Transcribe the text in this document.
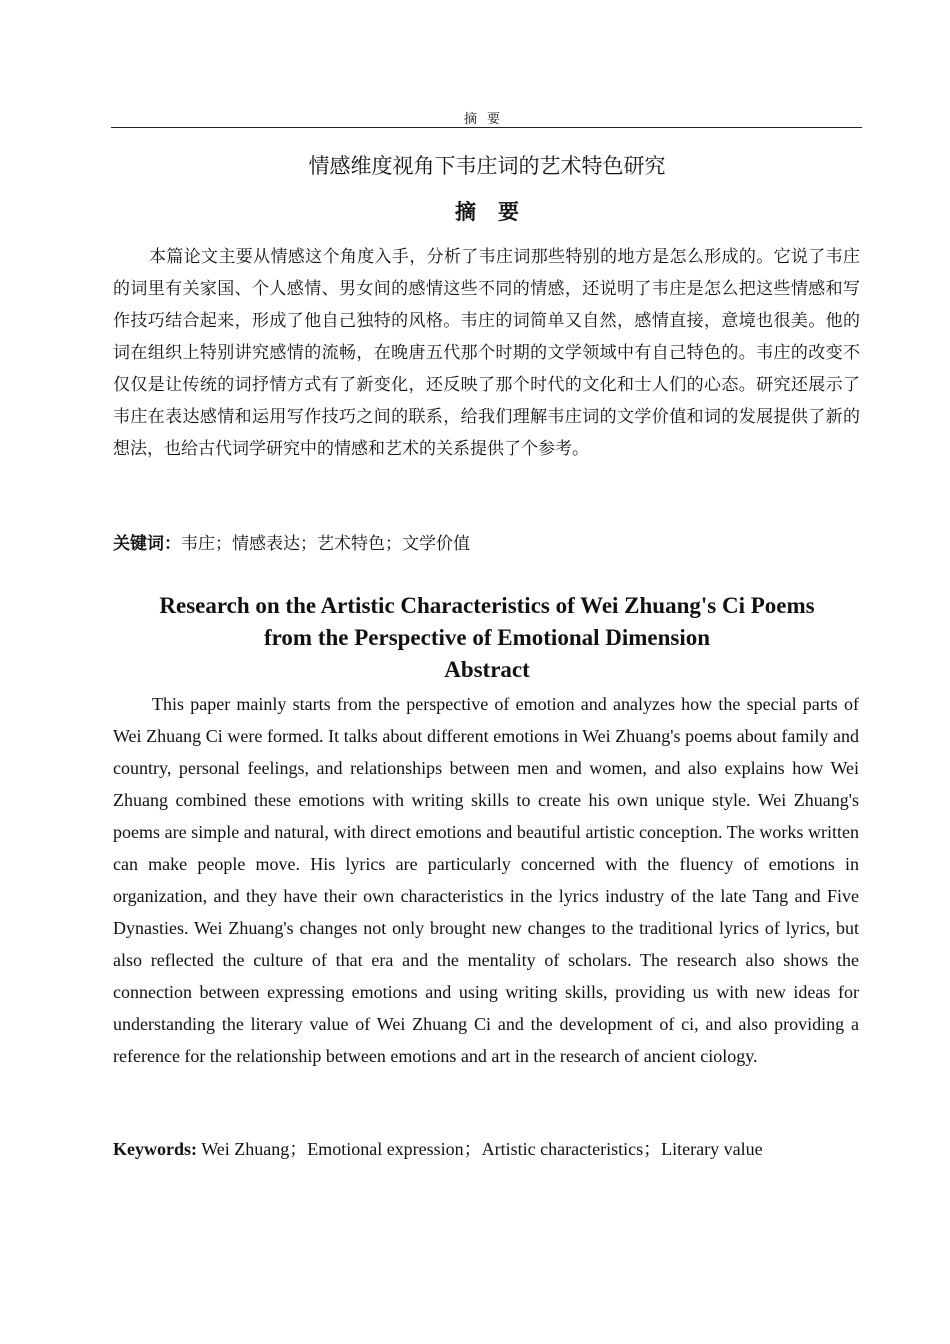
摘要
情感维度视角下韦庄词的艺术特色研究
摘要

本篇论文主要从情感这个角度入手，分析了韦庄词那些特别的地方是怎么形成的。它说了韦庄的词里有关家国、个人感情、男女间的感情这些不同的情感，还说明了韦庄是怎么把这些情感和写作技巧结合起来，形成了他自己独特的风格。韦庄的词简单又自然，感情直接，意境也很美。他的词在组织上特别讲究感情的流畅，在晚唐五代那个时期的文学领域中有自己特色的。韦庄的改变不仅仅是让传统的词抒情方式有了新变化，还反映了那个时代的文化和士人们的心态。研究还展示了韦庄在表达感情和运用写作技巧之间的联系，给我们理解韦庄词的文学价值和词的发展提供了新的想法，也给古代词学研究中的情感和艺术的关系提供了个参考。

关键词：韦庄；情感表达；艺术特色；文学价值
Research on the Artistic Characteristics of Wei Zhuang's Ci Poems
from the Perspective of Emotional Dimension
Abstract

This paper mainly starts from the perspective of emotion and analyzes how the special parts of Wei Zhuang Ci were formed. It talks about different emotions in Wei Zhuang's poems about family and country, personal feelings, and relationships between men and women, and also explains how Wei Zhuang combined these emotions with writing skills to create his own unique style. Wei Zhuang's poems are simple and natural, with direct emotions and beautiful artistic conception. The works written can make people move. His lyrics are particularly concerned with the fluency of emotions in organization, and they have their own characteristics in the lyrics industry of the late Tang and Five Dynasties. Wei Zhuang's changes not only brought new changes to the traditional lyrics of lyrics, but also reflected the culture of that era and the mentality of scholars. The research also shows the connection between expressing emotions and using writing skills, providing us with new ideas for understanding the literary value of Wei Zhuang Ci and the development of ci, and also providing a reference for the relationship between emotions and art in the research of ancient ciology.

Keywords: Wei Zhuang；Emotional expression；Artistic characteristics；Literary value
